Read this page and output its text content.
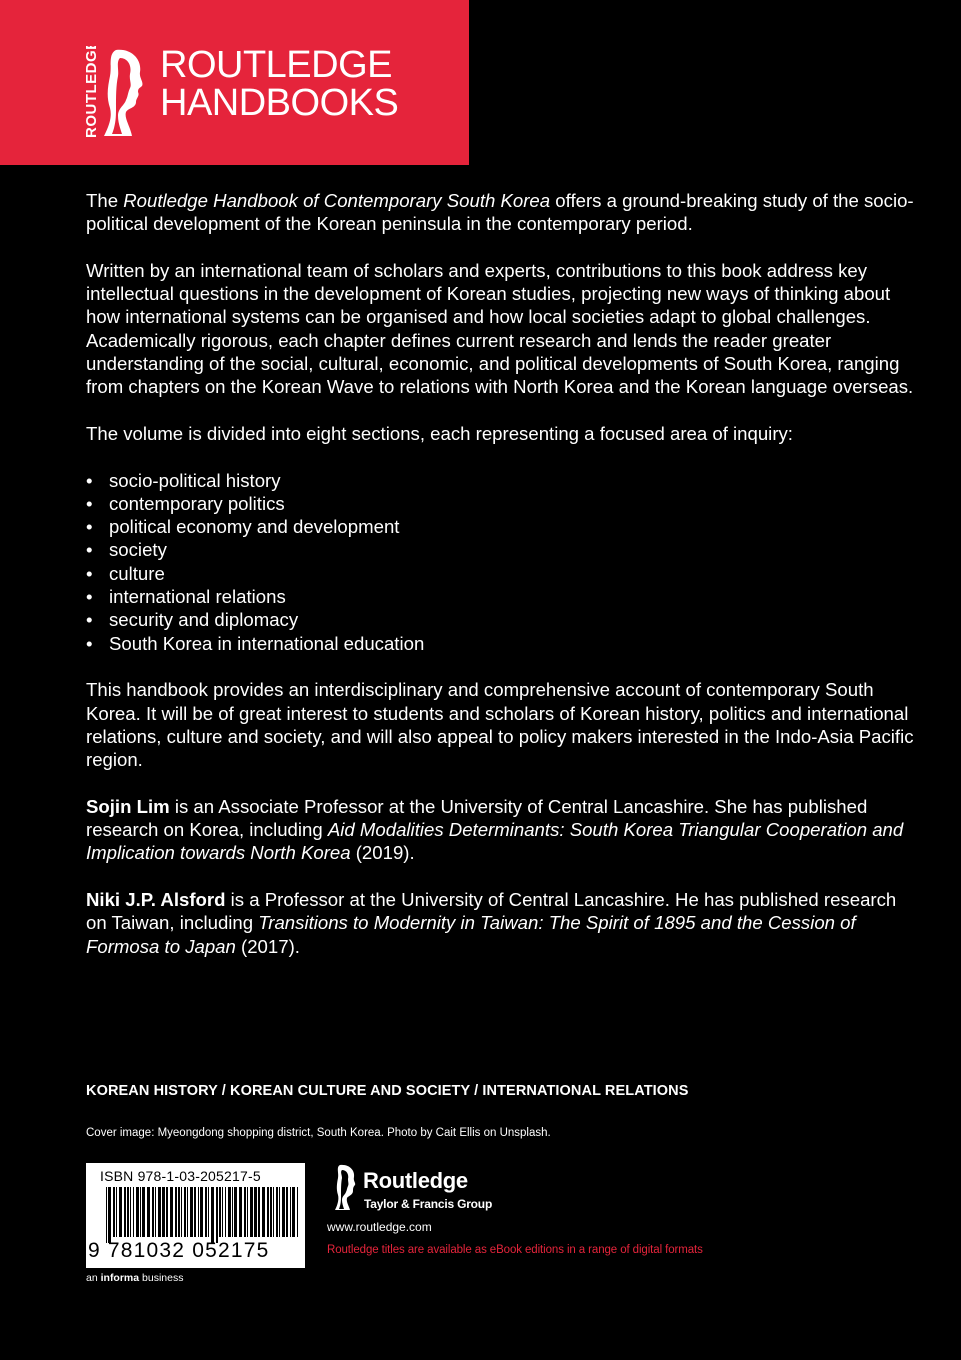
ROUTLEDGE ROUTLEDGE
HANDBOOKS

The Routledge Handbook of Contemporary South Korea offers a ground-breaking study of the socio-political development of the Korean peninsula in the contemporary period.

Written by an international team of scholars and experts, contributions to this book address key intellectual questions in the development of Korean studies, projecting new ways of thinking about how international systems can be organised and how local societies adapt to global challenges. Academically rigorous, each chapter defines current research and lends the reader greater understanding of the social, cultural, economic, and political developments of South Korea, ranging from chapters on the Korean Wave to relations with North Korea and the Korean language overseas.

The volume is divided into eight sections, each representing a focused area of inquiry:

• socio-political history
• contemporary politics
• political economy and development
• society
• culture
• international relations
• security and diplomacy
• South Korea in international education

This handbook provides an interdisciplinary and comprehensive account of contemporary South Korea. It will be of great interest to students and scholars of Korean history, politics and international relations, culture and society, and will also appeal to policy makers interested in the Indo-Asia Pacific region.

Sojin Lim is an Associate Professor at the University of Central Lancashire. She has published research on Korea, including Aid Modalities Determinants: South Korea Triangular Cooperation and Implication towards North Korea (2019).

Niki J.P. Alsford is a Professor at the University of Central Lancashire. He has published research on Taiwan, including Transitions to Modernity in Taiwan: The Spirit of 1895 and the Cession of Formosa to Japan (2017).

KOREAN HISTORY / KOREAN CULTURE AND SOCIETY / INTERNATIONAL RELATIONS
Cover image: Myeongdong shopping district, South Korea. Photo by Cait Ellis on Unsplash.
ISBN 978-1-03-205217-5
9 781032 052175
an informa business
Routledge
Taylor & Francis Group
www.routledge.com
Routledge titles are available as eBook editions in a range of digital formats
